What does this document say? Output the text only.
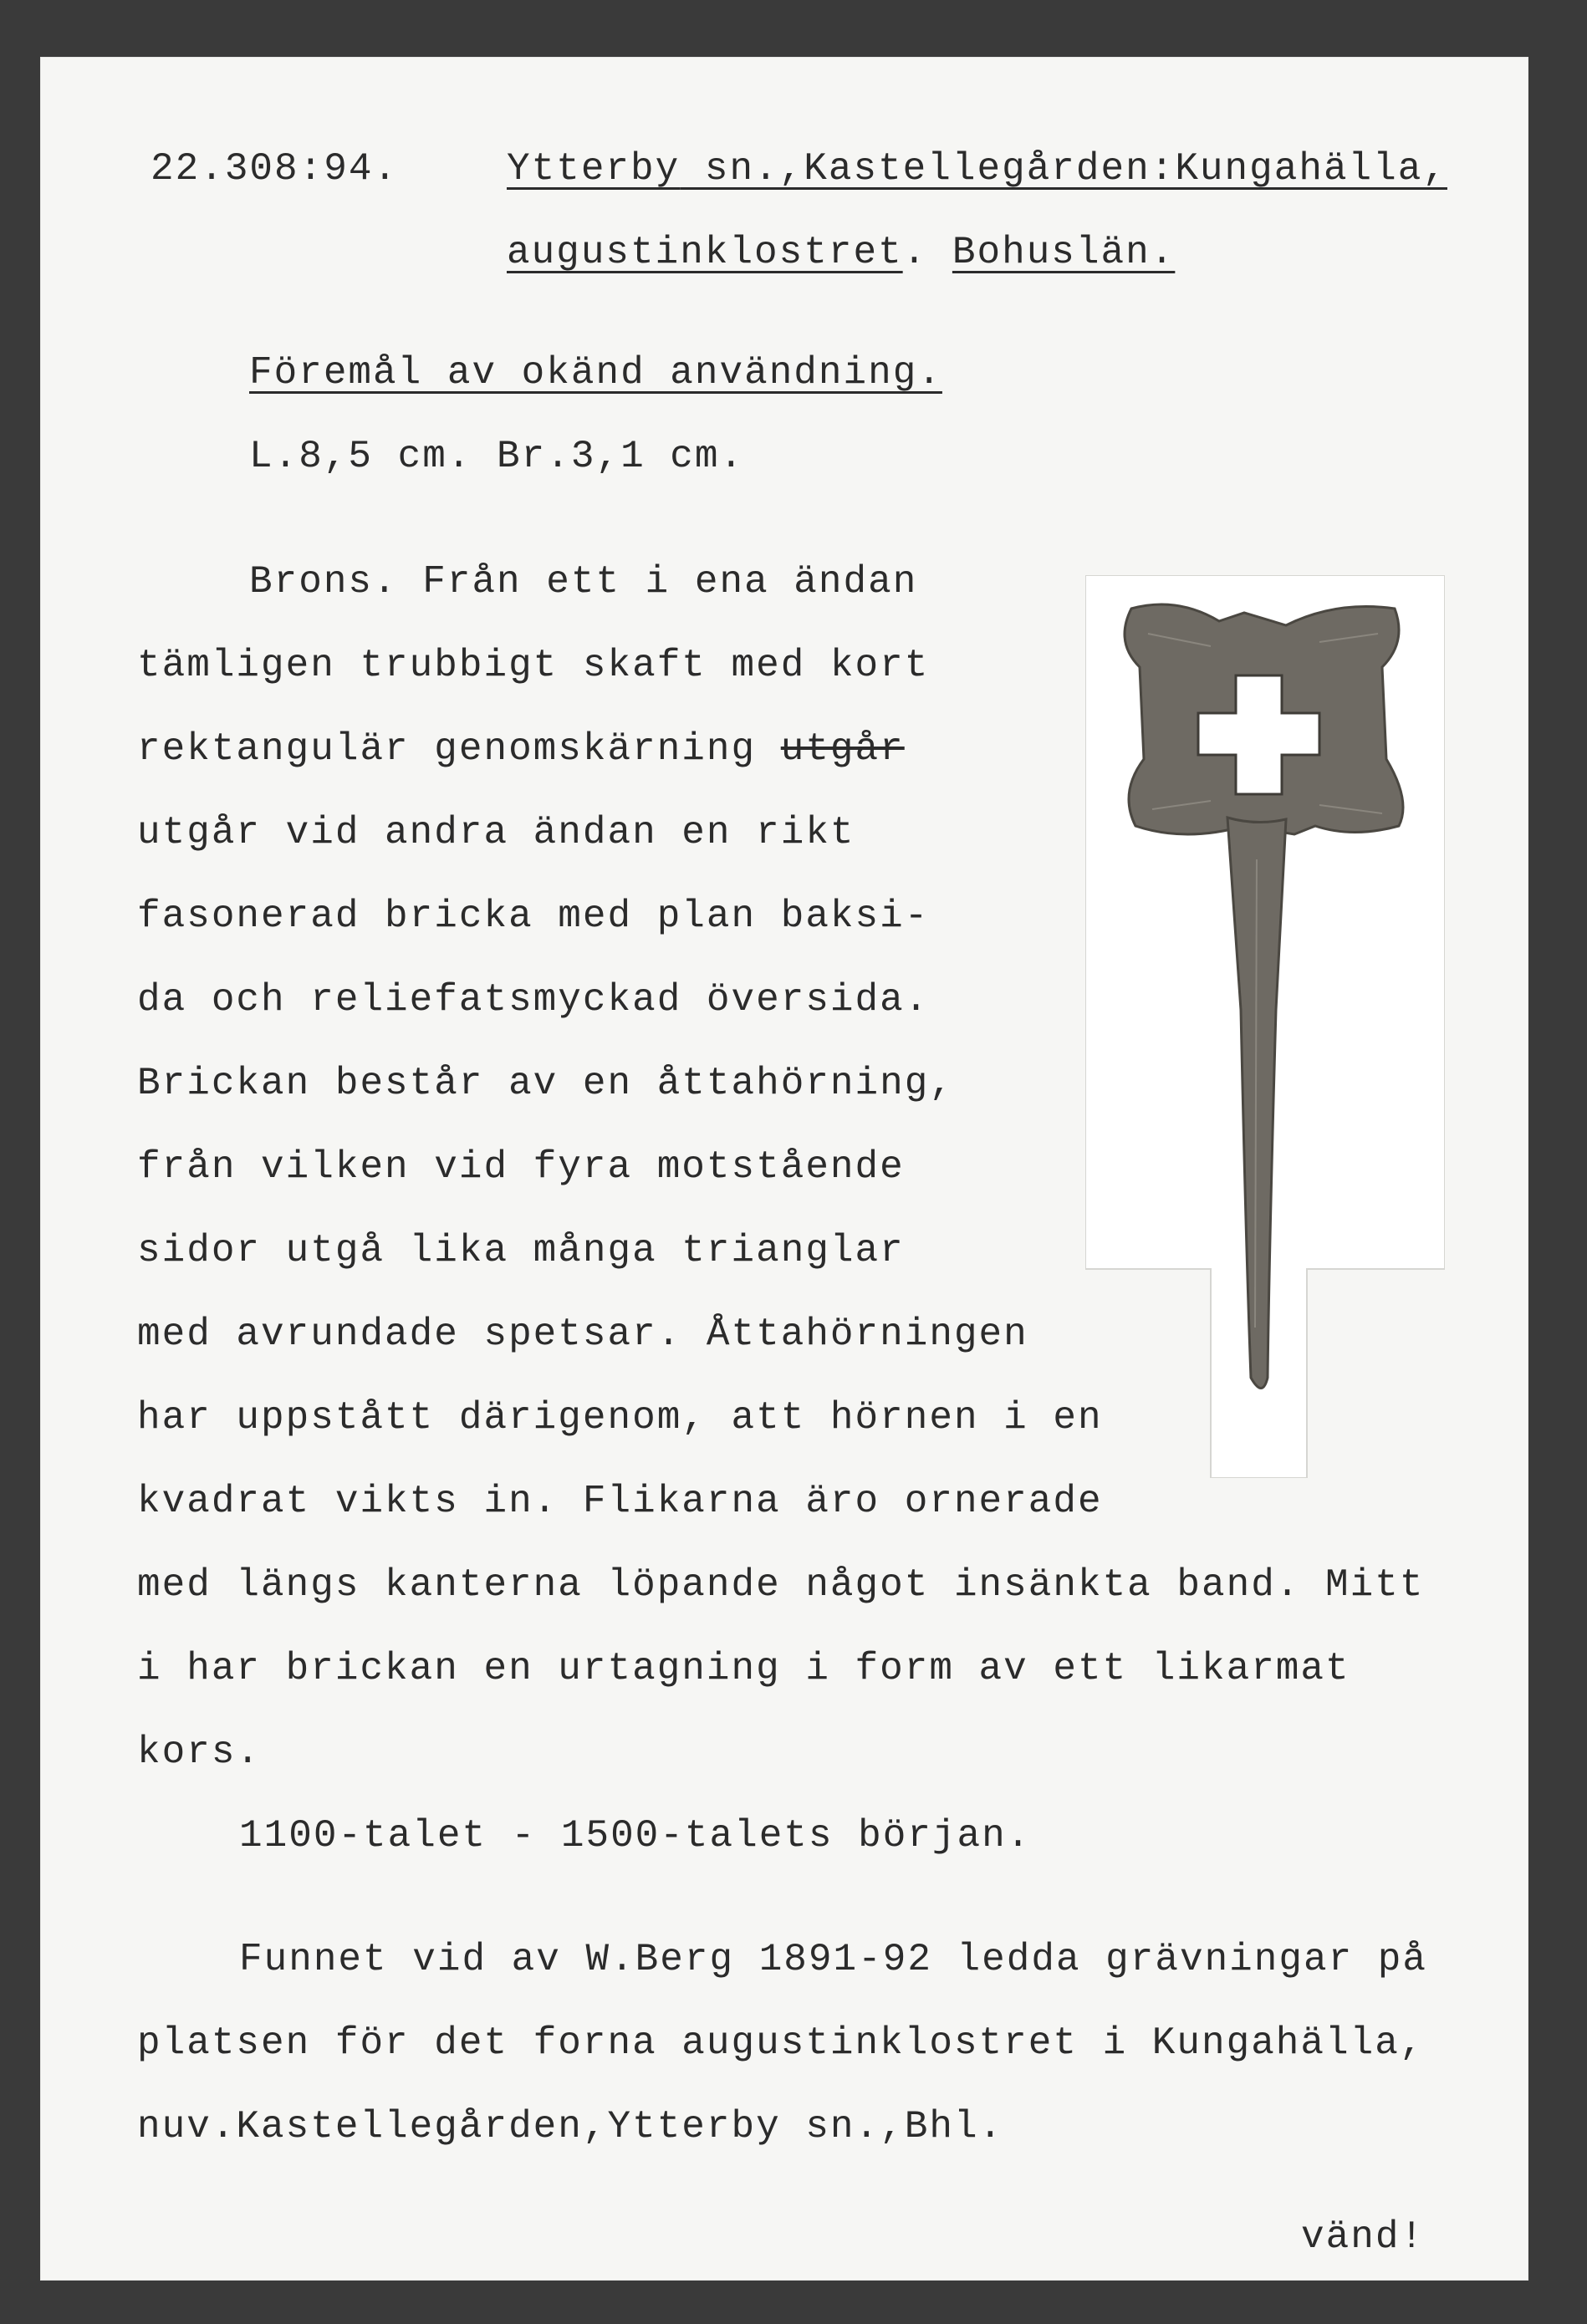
22.308:94.	Ytterby sn.,Kastellegården:Kungahälla,
augustinklostret. Bohuslän.
Föremål av okänd användning.
L.8,5 cm. Br.3,1 cm.
Brons. Från ett i ena ändan
tämligen trubbigt skaft med kort
rektangulär genomskärning utgår
utgår vid andra ändan en rikt
fasonerad bricka med plan baksi-
da och reliefatsmyckad översida.
Brickan består av en åttahörning,
från vilken vid fyra motstående
sidor utgå lika många trianglar
med avrundade spetsar. Åttahörningen
har uppstått därigenom, att hörnen i en
kvadrat vikts in. Flikarna äro ornerade
med längs kanterna löpande något insänkta band. Mitt
i har brickan en urtagning i form av ett likarmat
kors.
1100-talet - 1500-talets början.
Funnet vid av W.Berg 1891-92 ledda grävningar på
platsen för det forna augustinklostret i Kungahälla,
nuv.Kastellegården,Ytterby sn.,Bhl.
vänd!
